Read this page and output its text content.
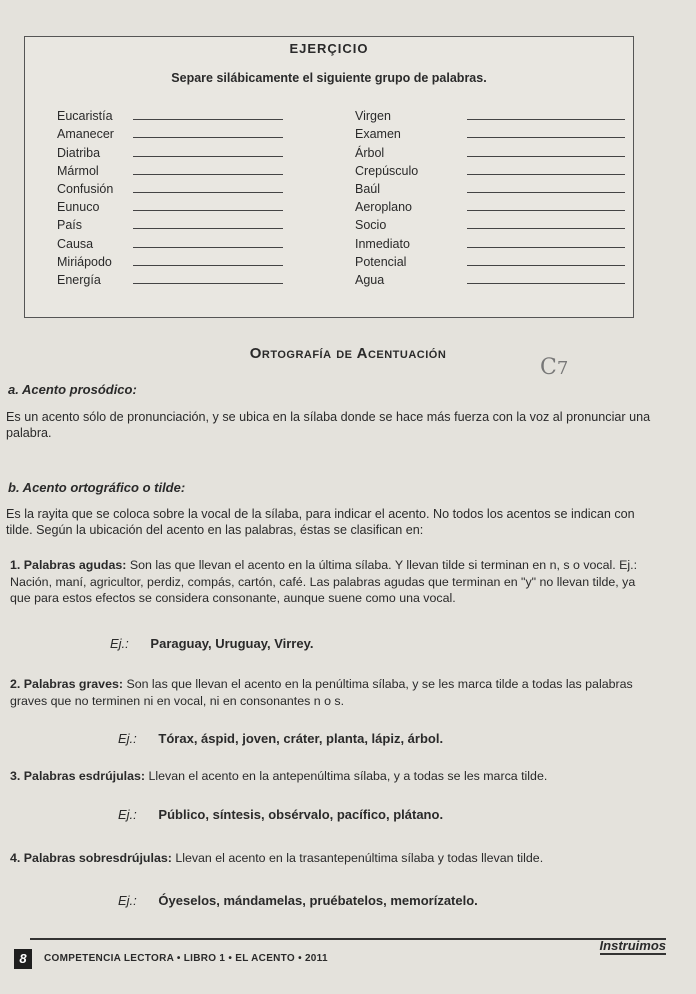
EJERÇICIO
Separe silábicamente el siguiente grupo de palabras.
Eucaristía
Amanecer
Diatriba
Mármol
Confusión
Eunuco
País
Causa
Miriápodo
Energía
Virgen
Examen
Árbol
Crepúsculo
Baúl
Aeroplano
Socio
Inmediato
Potencial
Agua
Ortografía de Acentuación
C7
a. Acento prosódico:
Es un acento sólo de pronunciación, y se ubica en la sílaba donde se hace más fuerza con la voz al pronunciar una palabra.
b. Acento ortográfico o tilde:
Es la rayita que se coloca sobre la vocal de la sílaba, para indicar el acento. No todos los acentos se indican con tilde. Según la ubicación del acento en las palabras, éstas se clasifican en:
1. Palabras agudas: Son las que llevan el acento en la última sílaba. Y llevan tilde si terminan en n, s o vocal. Ej.: Nación, maní, agricultor, perdiz, compás, cartón, café. Las palabras agudas que terminan en "y" no llevan tilde, ya que para estos efectos se considera consonante, aunque suene como una vocal.
Ej.: Paraguay, Uruguay, Virrey.
2. Palabras graves: Son las que llevan el acento en la penúltima sílaba, y se les marca tilde a todas las palabras graves que no terminen ni en vocal, ni en consonantes n o s.
Ej.: Tórax, áspid, joven, cráter, planta, lápiz, árbol.
3. Palabras esdrújulas: Llevan el acento en la antepenúltima sílaba, y a todas se les marca tilde.
Ej.: Público, síntesis, obsérvalo, pacífico, plátano.
4. Palabras sobresdrújulas: Llevan el acento en la trasantepenúltima sílaba y todas llevan tilde.
Ej.: Óyeselos, mándamelas, pruébatelos, memorízatelo.
8	COMPETENCIA LECTORA • LIBRO 1 • EL ACENTO • 2011
Instruimos
